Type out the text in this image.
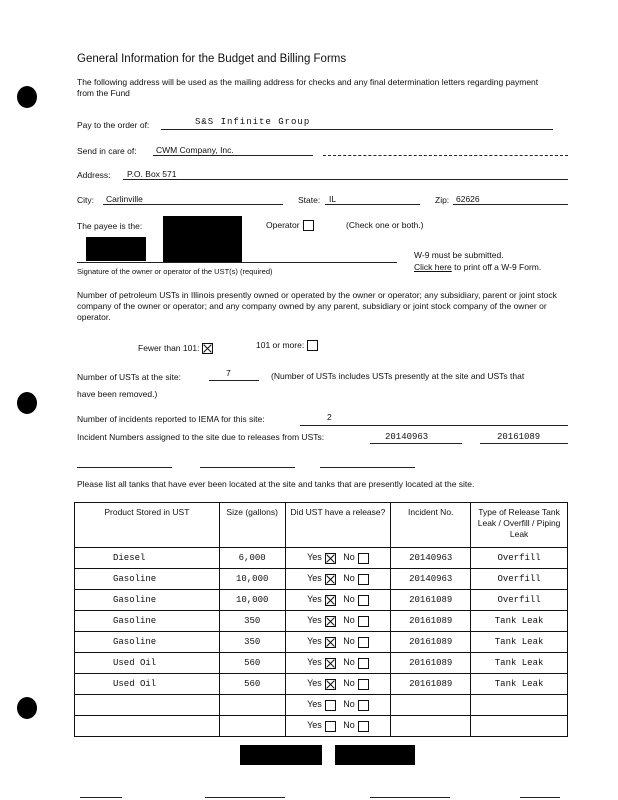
General Information for the Budget and Billing Forms
The following address will be used as the mailing address for checks and any final determination letters regarding payment from the Fund
Pay to the order of:	S&S Infinite Group
Send in care of: CWM Company, Inc.
Address: P.O. Box 571
City: Carlinville	State: IL	Zip: 62626
The payee is the:	Operator	(Check one or both.)
Signature of the owner or operator of the UST(s) (required)
W-9 must be submitted.
Click here to print off a W-9 Form.
Number of petroleum USTs in Illinois presently owned or operated by the owner or operator; any subsidiary, parent or joint stock company of the owner or operator; and any company owned by any parent, subsidiary or joint stock company of the owner or operator.
Fewer than 101:	101 or more:
Number of USTs at the site:	7	(Number of USTs includes USTs presently at the site and USTs that
have been removed.)
Number of incidents reported to IEMA for this site:	2
Incident Numbers assigned to the site due to releases from USTs:	20140963	20161089
Please list all tanks that have ever been located at the site and tanks that are presently located at the site.
Product Stored in UST	Size (gallons)	Did UST have a release?	Incident No.	Type of Release Tank Leak / Overfill / Piping Leak
Diesel	6,000	Yes No	20140963	Overfill
Gasoline	10,000	Yes No	20140963	Overfill
Gasoline	10,000	Yes No	20161089	Overfill
Gasoline	350	Yes No	20161089	Tank Leak
Gasoline	350	Yes No	20161089	Tank Leak
Used Oil	560	Yes No	20161089	Tank Leak
Used Oil	560	Yes No	20161089	Tank Leak
		Yes No		
		Yes No		
